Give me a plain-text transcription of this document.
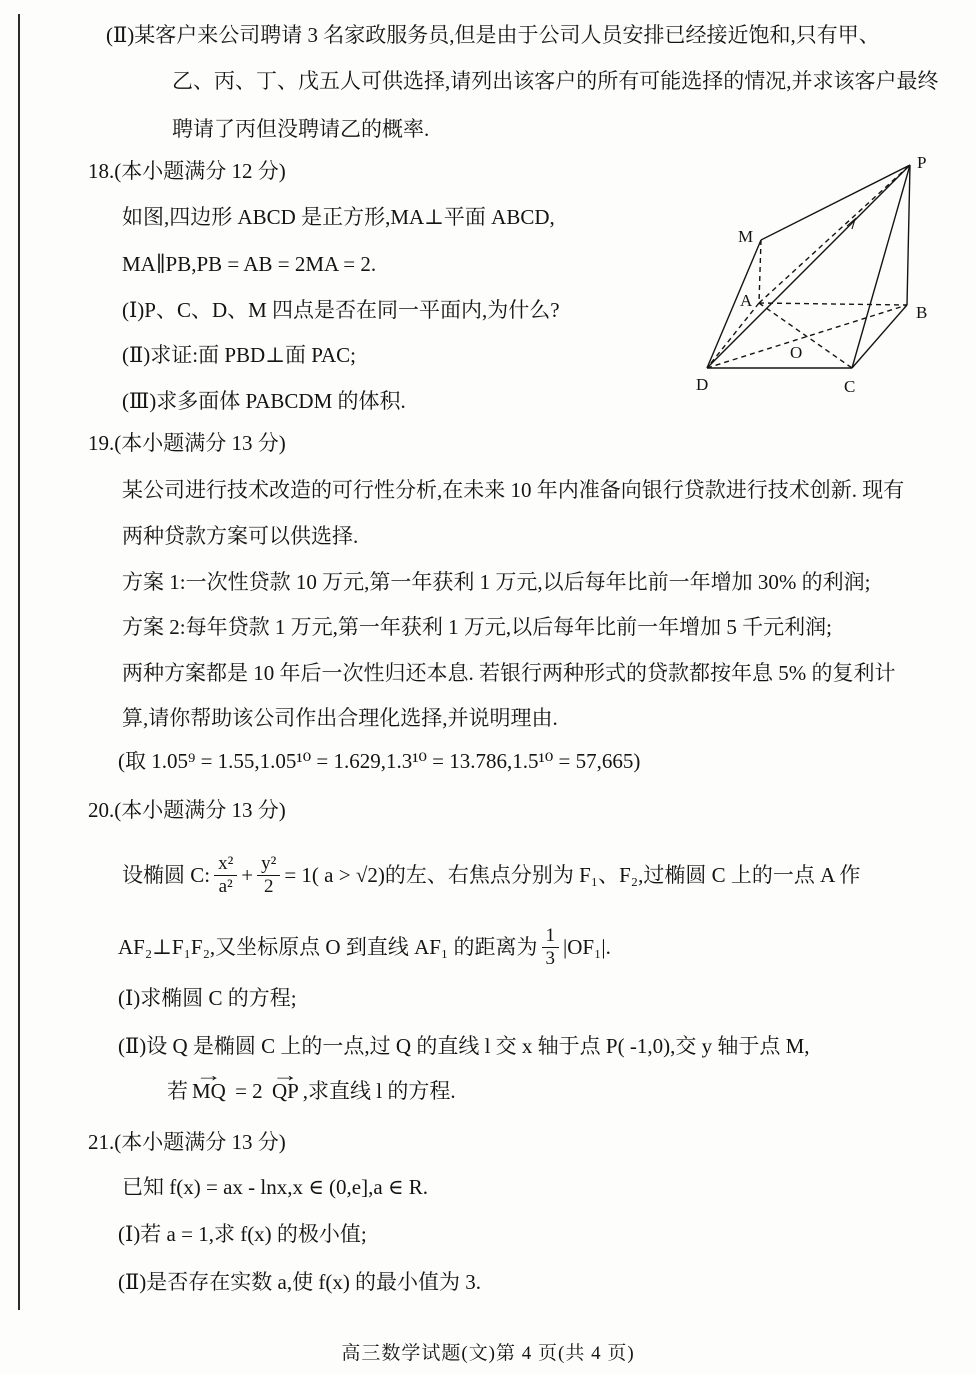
(Ⅱ)某客户来公司聘请 3 名家政服务员,但是由于公司人员安排已经接近饱和,只有甲、
乙、丙、丁、戊五人可供选择,请列出该客户的所有可能选择的情况,并求该客户最终
聘请了丙但没聘请乙的概率.
18.(本小题满分 12 分)
如图,四边形 ABCD 是正方形,MA⊥平面 ABCD,
MA∥PB,PB = AB = 2MA = 2.
(Ⅰ)P、C、D、M 四点是否在同一平面内,为什么?
(Ⅱ)求证:面 PBD⊥面 PAC;
(Ⅲ)求多面体 PABCDM 的体积.
P
M
A
B
O
D	C
19.(本小题满分 13 分)
某公司进行技术改造的可行性分析,在未来 10 年内准备向银行贷款进行技术创新. 现有
两种贷款方案可以供选择.
方案 1:一次性贷款 10 万元,第一年获利 1 万元,以后每年比前一年增加 30% 的利润;
方案 2:每年贷款 1 万元,第一年获利 1 万元,以后每年比前一年增加 5 千元利润;
两种方案都是 10 年后一次性归还本息. 若银行两种形式的贷款都按年息 5% 的复利计
算,请你帮助该公司作出合理化选择,并说明理由.
(取 1.05⁹ = 1.55,1.05¹⁰ = 1.629,1.3¹⁰ = 13.786,1.5¹⁰ = 57,665)
20.(本小题满分 13 分)
设椭圆 C: $\frac{\text{x²}}{\text{a²}} + \frac{\text{y²}}{2} = 1$( a > √2)的左、右焦点分别为 F₁、F₂,过椭圆 C 上的一点 A 作
AF₂⊥F₁F₂,又坐标原点 O 到直线 AF₁ 的距离为 $\frac{1}{3} |OF_1|$.
(Ⅰ)求椭圆 C 的方程;
(Ⅱ)设 Q 是椭圆 C 上的一点,过 Q 的直线 l 交 x 轴于点 P( -1,0),交 y 轴于点 M,
若 → MQ = 2 → QP ,求直线 l 的方程.
21.(本小题满分 13 分)
已知 f(x) = ax - lnx,x ∈ (0,e],a ∈ R.
(Ⅰ)若 a = 1,求 f(x) 的极小值;
(Ⅱ)是否存在实数 a,使 f(x) 的最小值为 3.
高三数学试题(文)第 4 页(共 4 页)
